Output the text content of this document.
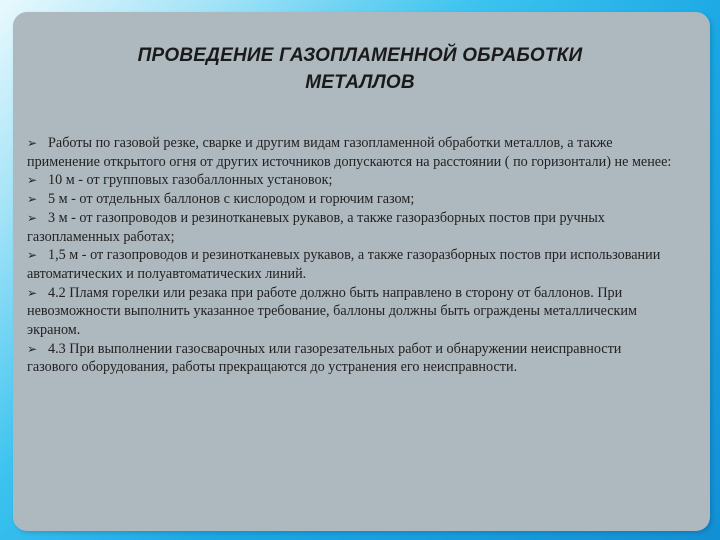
ПРОВЕДЕНИЕ ГАЗОПЛАМЕННОЙ ОБРАБОТКИ
МЕТАЛЛОВ

➢ Работы по газовой резке, сварке и другим видам газопламенной обработки металлов, а также применение открытого огня от других источников допускаются на расстоянии ( по горизонтали) не менее:

➢ 10 м - от групповых газобаллонных установок;

➢ 5 м - от отдельных баллонов с кислородом и горючим газом;

➢ 3 м - от газопроводов и резинотканевых рукавов, а также газоразборных постов при ручных газопламенных работах;

➢ 1,5 м - от газопроводов и резинотканевых рукавов, а также газоразборных постов при использовании автоматических и полуавтоматических линий.

➢ 4.2 Пламя горелки или резака при работе должно быть направлено в сторону от баллонов. При невозможности выполнить указанное требование, баллоны должны быть ограждены металлическим экраном.

➢ 4.3 При выполнении газосварочных или газорезательных работ и обнаружении неисправности газового оборудования, работы прекращаются до устранения его неисправности.
